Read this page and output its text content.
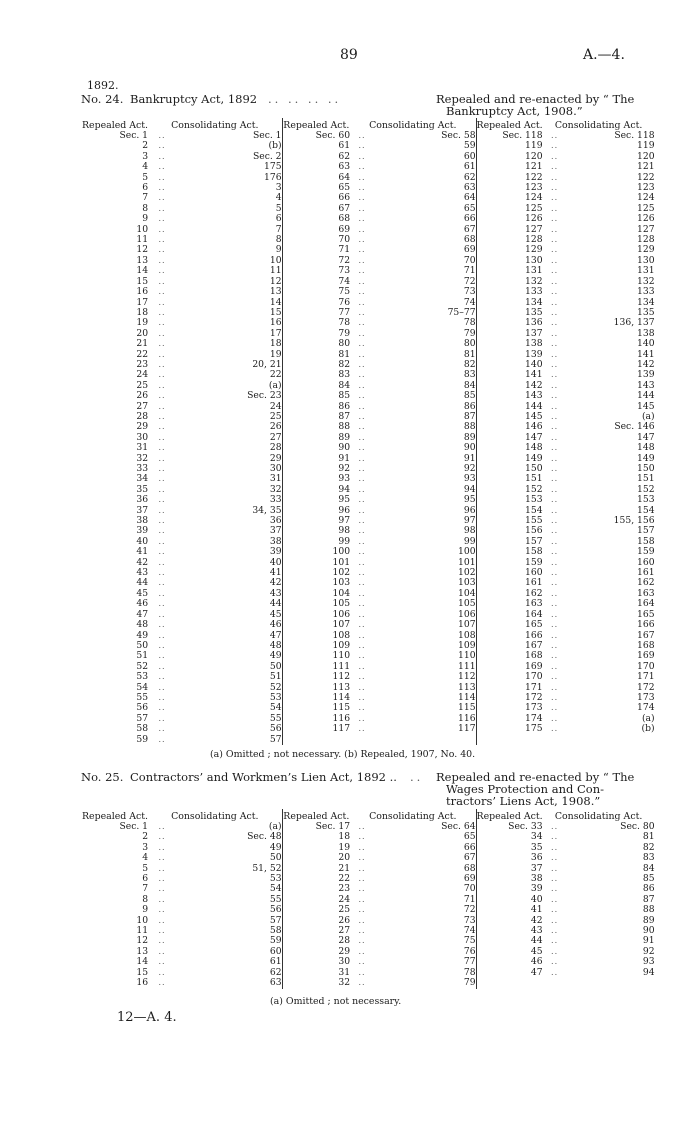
89	A.—4.
1892.
No. 24. Bankruptcy Act, 1892 .. .. .. ..	Repealed and re-enacted by “ The
Bankruptcy Act, 1908.”
Repealed Act.	Consolidating Act.		Repealed Act.	Consolidating Act.		Repealed Act.	Consolidating Act.	
Sec. 1	..	Sec. 1	Sec. 60	..	Sec. 58	Sec. 118	..	Sec. 118
2	..	(b)	61	..	59	119	..	119
3	..	Sec. 2	62	..	60	120	..	120
4	..	175	63	..	61	121	..	121
5	..	176	64	..	62	122	..	122
6	..	3	65	..	63	123	..	123
7	..	4	66	..	64	124	..	124
8	..	5	67	..	65	125	..	125
9	..	6	68	..	66	126	..	126
10	..	7	69	..	67	127	..	127
11	..	8	70	..	68	128	..	128
12	..	9	71	..	69	129	..	129
13	..	10	72	..	70	130	..	130
14	..	11	73	..	71	131	..	131
15	..	12	74	..	72	132	..	132
16	..	13	75	..	73	133	..	133
17	..	14	76	..	74	134	..	134
18	..	15	77	..	75–77	135	..	135
19	..	16	78	..	78	136	..	136, 137
20	..	17	79	..	79	137	..	138
21	..	18	80	..	80	138	..	140
22	..	19	81	..	81	139	..	141
23	..	20, 21	82	..	82	140	..	142
24	..	22	83	..	83	141	..	139
25	..	(a)	84	..	84	142	..	143
26	..	Sec. 23	85	..	85	143	..	144
27	..	24	86	..	86	144	..	145
28	..	25	87	..	87	145	..	(a)
29	..	26	88	..	88	146	..	Sec. 146
30	..	27	89	..	89	147	..	147
31	..	28	90	..	90	148	..	148
32	..	29	91	..	91	149	..	149
33	..	30	92	..	92	150	..	150
34	..	31	93	..	93	151	..	151
35	..	32	94	..	94	152	..	152
36	..	33	95	..	95	153	..	153
37	..	34, 35	96	..	96	154	..	154
38	..	36	97	..	97	155	..	155, 156
39	..	37	98	..	98	156	..	157
40	..	38	99	..	99	157	..	158
41	..	39	100	..	100	158	..	159
42	..	40	101	..	101	159	..	160
43	..	41	102	..	102	160	..	161
44	..	42	103	..	103	161	..	162
45	..	43	104	..	104	162	..	163
46	..	44	105	..	105	163	..	164
47	..	45	106	..	106	164	..	165
48	..	46	107	..	107	165	..	166
49	..	47	108	..	108	166	..	167
50	..	48	109	..	109	167	..	168
51	..	49	110	..	110	168	..	169
52	..	50	111	..	111	169	..	170
53	..	51	112	..	112	170	..	171
54	..	52	113	..	113	171	..	172
55	..	53	114	..	114	172	..	173
56	..	54	115	..	115	173	..	174
57	..	55	116	..	116	174	..	(a)
58	..	56	117	..	117	175	..	(b)
59	..	57						
(a) Omitted ; not necessary. (b) Repealed, 1907, No. 40.
No. 25. Contractors’ and Workmen’s Lien Act, 1892 .. .. Repealed and re-enacted by “ The
Wages Protection and Con-
tractors’ Liens Act, 1908.”
Repealed Act.	Consolidating Act.		Repealed Act.	Consolidating Act.		Repealed Act.	Consolidating Act.	
Sec. 1	..	(a)	Sec. 17	..	Sec. 64	Sec. 33	..	Sec. 80
2	..	Sec. 48	18	..	65	34	..	81
3	..	49	19	..	66	35	..	82
4	..	50	20	..	67	36	..	83
5	..	51, 52	21	..	68	37	..	84
6	..	53	22	..	69	38	..	85
7	..	54	23	..	70	39	..	86
8	..	55	24	..	71	40	..	87
9	..	56	25	..	72	41	..	88
10	..	57	26	..	73	42	..	89
11	..	58	27	..	74	43	..	90
12	..	59	28	..	75	44	..	91
13	..	60	29	..	76	45	..	92
14	..	61	30	..	77	46	..	93
15	..	62	31	..	78	47	..	94
16	..	63	32	..	79			
(a) Omitted ; not necessary.
12—A. 4.
